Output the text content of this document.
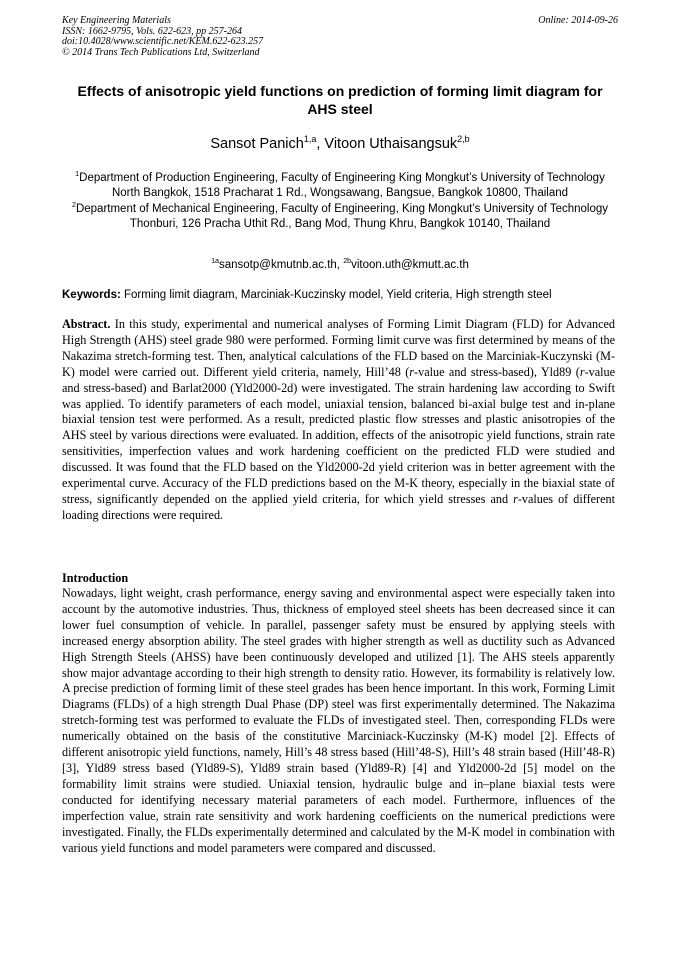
Key Engineering Materials
ISSN: 1662-9795, Vols. 622-623, pp 257-264
doi:10.4028/www.scientific.net/KEM.622-623.257
© 2014 Trans Tech Publications Ltd, Switzerland
Online: 2014-09-26
Effects of anisotropic yield functions on prediction of forming limit diagram for AHS steel
Sansot Panich$^{1,a}$, Vitoon Uthaisangsuk$^{2,b}$

$^1$Department of Production Engineering, Faculty of Engineering King Mongkut’s University of Technology North Bangkok, 1518 Pracharat 1 Rd., Wongsawang, Bangsue, Bangkok 10800, Thailand

$^2$Department of Mechanical Engineering, Faculty of Engineering, King Mongkut’s University of Technology Thonburi, 126 Pracha Uthit Rd., Bang Mod, Thung Khru, Bangkok 10140, Thailand

$^{1a}$sansotp@kmutnb.ac.th, $^{2b}$vitoon.uth@kmutt.ac.th
Keywords: Forming limit diagram, Marciniak-Kuczinsky model, Yield criteria, High strength steel
Abstract. In this study, experimental and numerical analyses of Forming Limit Diagram (FLD) for Advanced High Strength (AHS) steel grade 980 were performed. Forming limit curve was first determined by means of the Nakazima stretch-forming test. Then, analytical calculations of the FLD based on the Marciniak-Kuczynski (M-K) model were carried out. Different yield criteria, namely, Hill’48 (r-value and stress-based), Yld89 (r-value and stress-based) and Barlat2000 (Yld2000-2d) were investigated. The strain hardening law according to Swift was applied. To identify parameters of each model, uniaxial tension, balanced bi-axial bulge test and in-plane biaxial tension test were performed. As a result, predicted plastic flow stresses and plastic anisotropies of the AHS steel by various directions were evaluated. In addition, effects of the anisotropic yield functions, strain rate sensitivities, imperfection values and work hardening coefficient on the predicted FLD were studied and discussed. It was found that the FLD based on the Yld2000-2d yield criterion was in better agreement with the experimental curve. Accuracy of the FLD predictions based on the M-K theory, especially in the biaxial state of stress, significantly depended on the applied yield criteria, for which yield stresses and r-values of different loading directions were required.
Introduction
Nowadays, light weight, crash performance, energy saving and environmental aspect were especially taken into account by the automotive industries. Thus, thickness of employed steel sheets has been decreased since it can lower fuel consumption of vehicle. In parallel, passenger safety must be ensured by applying steels with increased energy absorption ability. The steel grades with higher strength as well as ductility such as Advanced High Strength Steels (AHSS) have been continuously developed and utilized [1]. The AHS steels apparently show major advantage according to their high strength to density ratio. However, its formability is relatively low. A precise prediction of forming limit of these steel grades has been hence important. In this work, Forming Limit Diagrams (FLDs) of a high strength Dual Phase (DP) steel was first experimentally determined. The Nakazima stretch-forming test was performed to evaluate the FLDs of investigated steel. Then, corresponding FLDs were numerically obtained on the basis of the constitutive Marciniack-Kuczinsky (M-K) model [2]. Effects of different anisotropic yield functions, namely, Hill’s 48 stress based (Hill’48-S), Hill’s 48 strain based (Hill’48-R) [3], Yld89 stress based (Yld89-S), Yld89 strain based (Yld89-R) [4] and Yld2000-2d [5] model on the formability limit strains were studied. Uniaxial tension, hydraulic bulge and in–plane biaxial tests were conducted for identifying necessary material parameters of each model. Furthermore, influences of the imperfection value, strain rate sensitivity and work hardening coefficients on the numerical predictions were investigated. Finally, the FLDs experimentally determined and calculated by the M-K model in combination with various yield functions and model parameters were compared and discussed.
